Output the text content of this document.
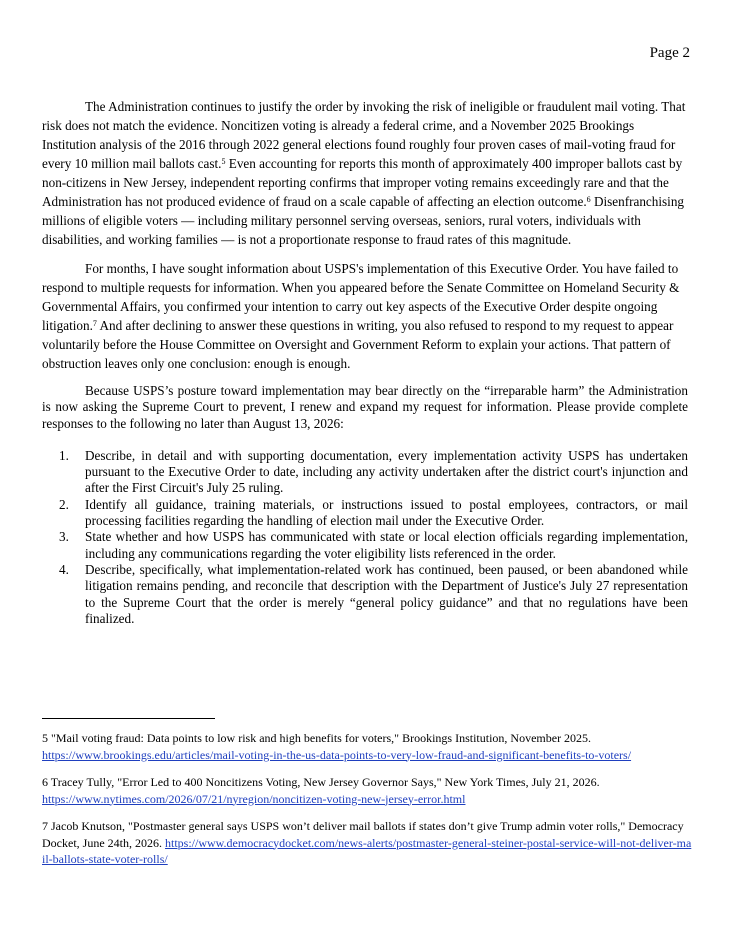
Page 2

The Administration continues to justify the order by invoking the risk of ineligible or fraudulent mail voting. That risk does not match the evidence. Noncitizen voting is already a federal crime, and a November 2025 Brookings Institution analysis of the 2016 through 2022 general elections found roughly four proven cases of mail-voting fraud for every 10 million mail ballots cast.$^5$ Even accounting for reports this month of approximately 400 improper ballots cast by non-citizens in New Jersey, independent reporting confirms that improper voting remains exceedingly rare and that the Administration has not produced evidence of fraud on a scale capable of affecting an election outcome.$^6$ Disenfranchising millions of eligible voters — including military personnel serving overseas, seniors, rural voters, individuals with disabilities, and working families — is not a proportionate response to fraud rates of this magnitude.

For months, I have sought information about USPS's implementation of this Executive Order. You have failed to respond to multiple requests for information. When you appeared before the Senate Committee on Homeland Security & Governmental Affairs, you confirmed your intention to carry out key aspects of the Executive Order despite ongoing litigation.$^7$ And after declining to answer these questions in writing, you also refused to respond to my request to appear voluntarily before the House Committee on Oversight and Government Reform to explain your actions. That pattern of obstruction leaves only one conclusion: enough is enough.

Because USPS’s posture toward implementation may bear directly on the “irreparable harm” the Administration is now asking the Supreme Court to prevent, I renew and expand my request for information. Please provide complete responses to the following no later than August 13, 2026:

1. Describe, in detail and with supporting documentation, every implementation activity USPS has undertaken pursuant to the Executive Order to date, including any activity undertaken after the district court's injunction and after the First Circuit's July 25 ruling.
2. Identify all guidance, training materials, or instructions issued to postal employees, contractors, or mail processing facilities regarding the handling of election mail under the Executive Order.
3. State whether and how USPS has communicated with state or local election officials regarding implementation, including any communications regarding the voter eligibility lists referenced in the order.
4. Describe, specifically, what implementation-related work has continued, been paused, or been abandoned while litigation remains pending, and reconcile that description with the Department of Justice's July 27 representation to the Supreme Court that the order is merely “general policy guidance” and that no regulations have been finalized.

5 "Mail voting fraud: Data points to low risk and high benefits for voters," Brookings Institution, November 2025.
https://www.brookings.edu/articles/mail-voting-in-the-us-data-points-to-very-low-fraud-and-significant-benefits-to-voters/

6 Tracey Tully, "Error Led to 400 Noncitizens Voting, New Jersey Governor Says," New York Times, July 21, 2026.
https://www.nytimes.com/2026/07/21/nyregion/noncitizen-voting-new-jersey-error.html

7 Jacob Knutson, "Postmaster general says USPS won’t deliver mail ballots if states don’t give Trump admin voter rolls," Democracy Docket, June 24th, 2026. https://www.democracydocket.com/news-alerts/postmaster-general-steiner-postal-service-will-not-deliver-mail-ballots-state-voter-rolls/
